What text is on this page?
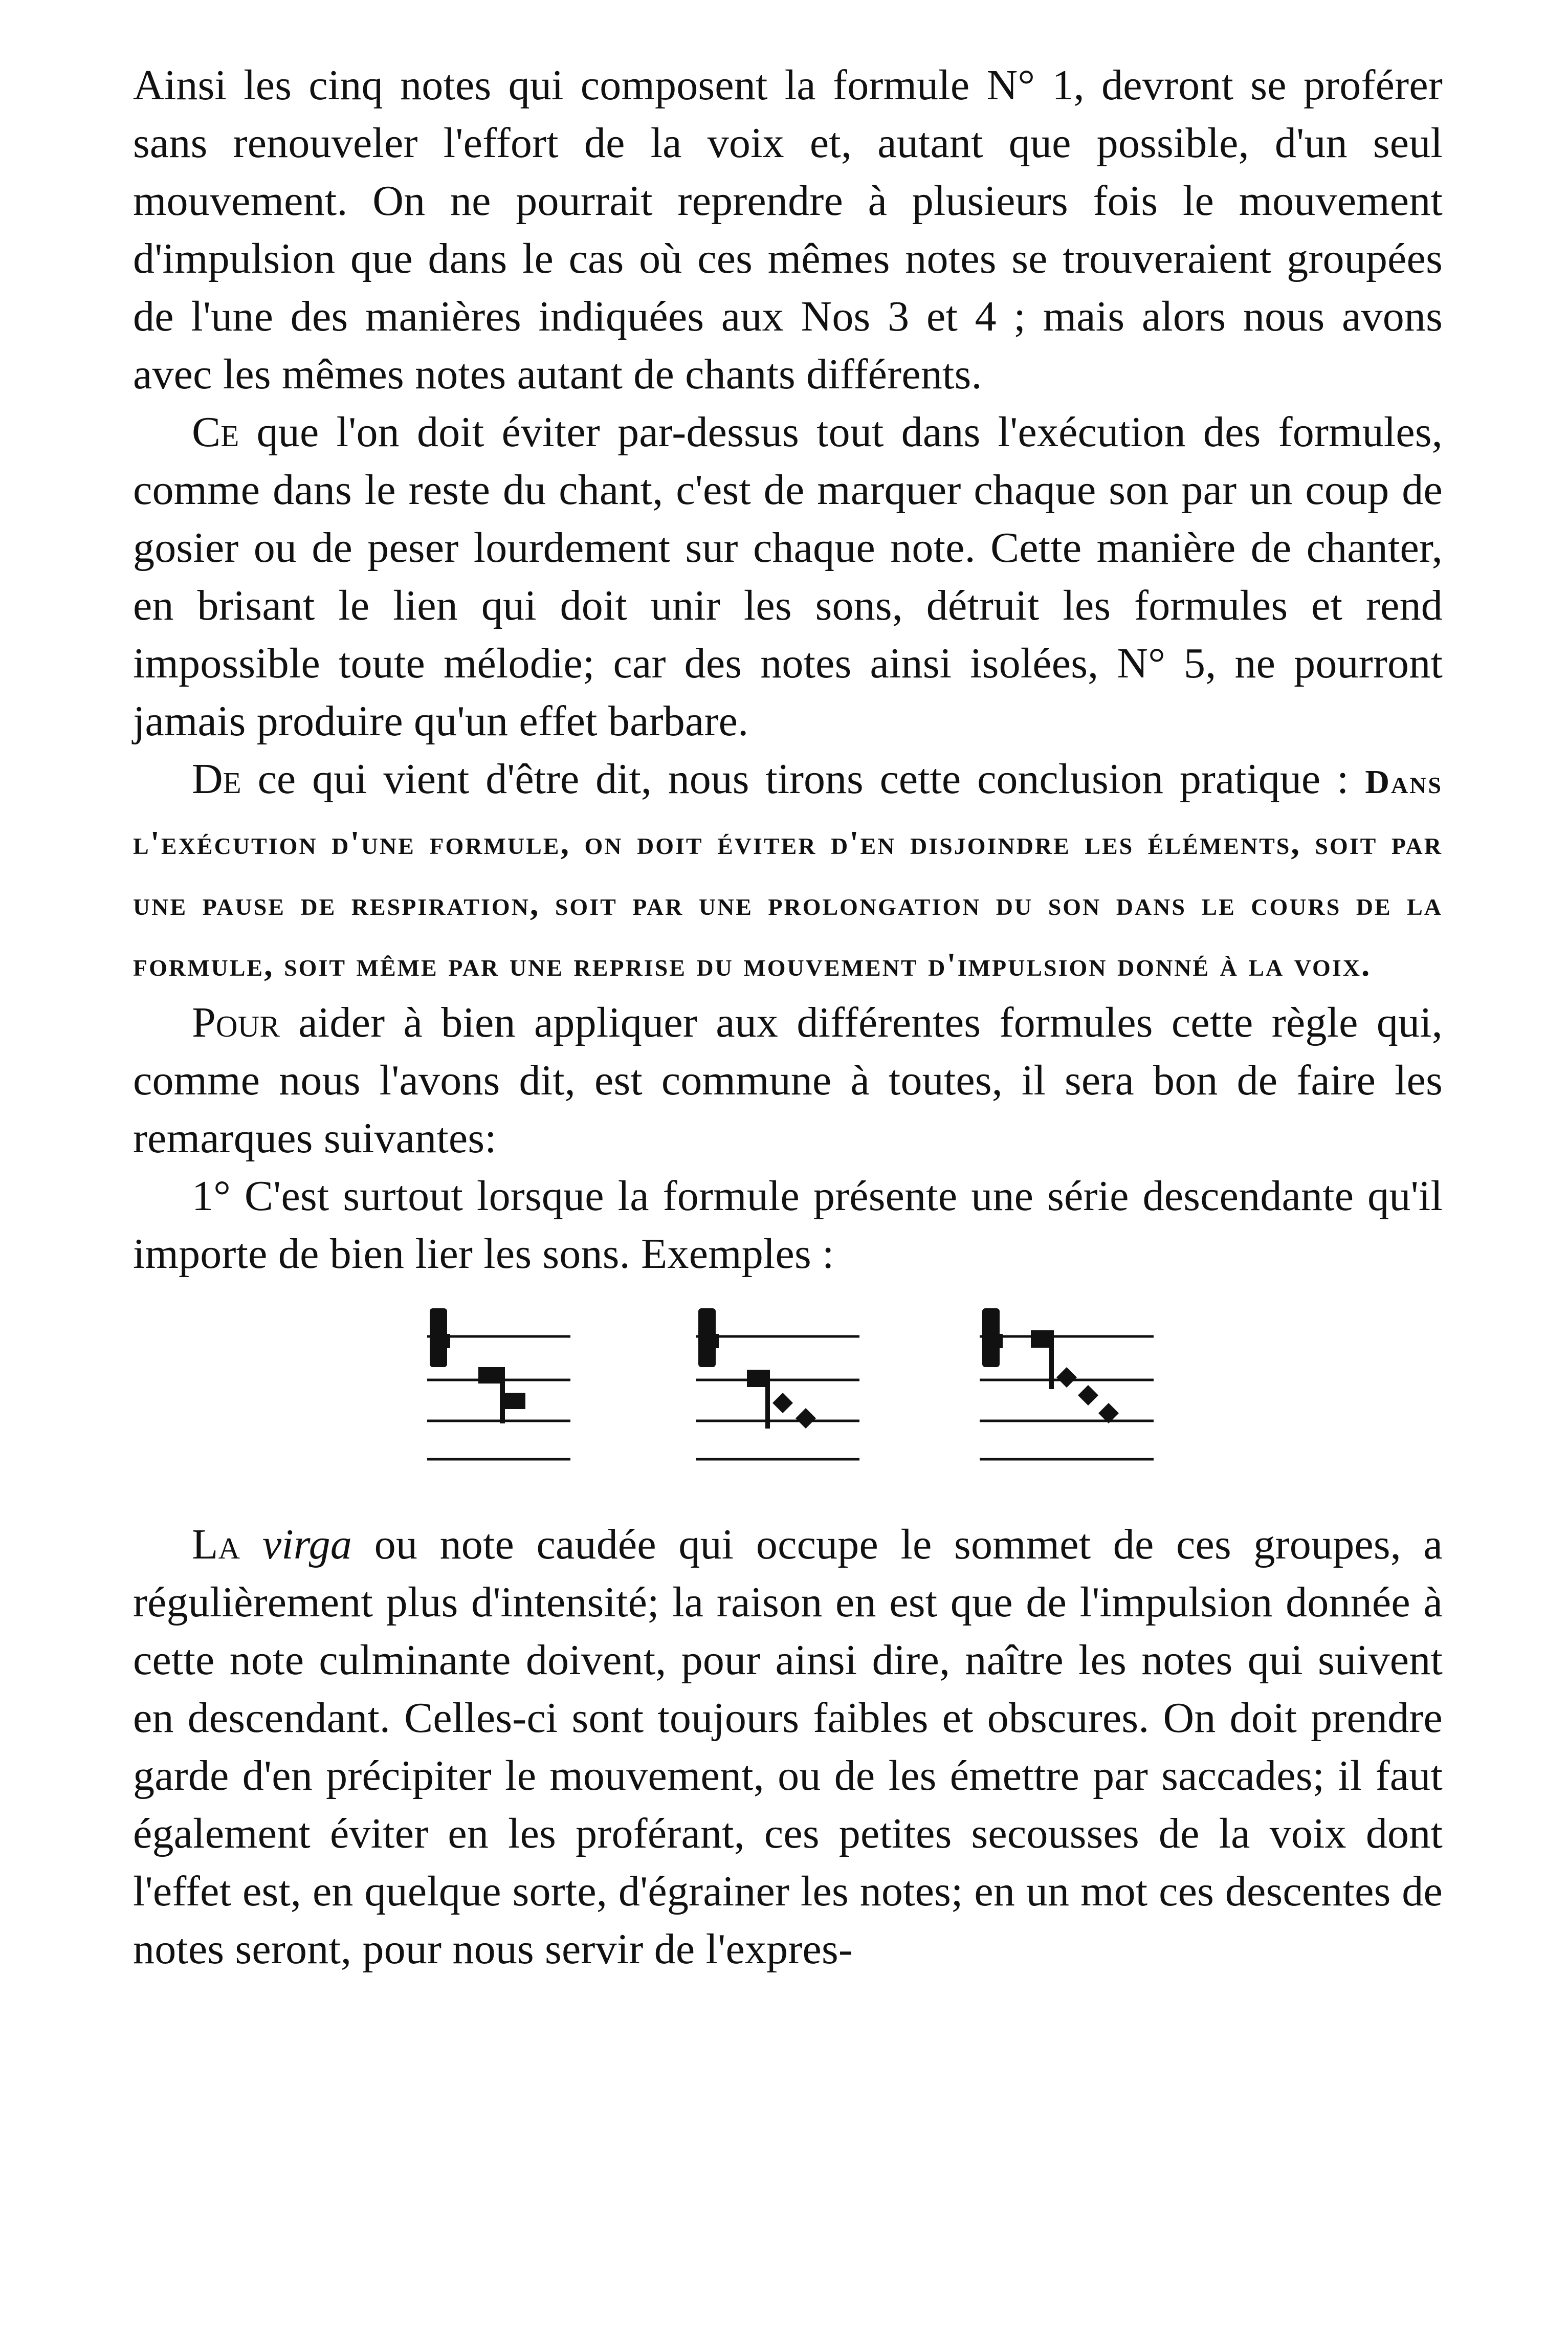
Ainsi les cinq notes qui composent la formule N° 1, devront se proférer sans renouveler l'effort de la voix et, autant que possible, d'un seul mouvement. On ne pourrait reprendre à plusieurs fois le mouvement d'impulsion que dans le cas où ces mêmes notes se trouveraient groupées de l'une des manières indiquées aux Nos 3 et 4 ; mais alors nous avons avec les mêmes notes autant de chants différents.

Ce que l'on doit éviter par-dessus tout dans l'exécution des formules, comme dans le reste du chant, c'est de marquer chaque son par un coup de gosier ou de peser lourdement sur chaque note. Cette manière de chanter, en brisant le lien qui doit unir les sons, détruit les formules et rend impossible toute mélodie; car des notes ainsi isolées, N° 5, ne pourront jamais produire qu'un effet barbare.

De ce qui vient d'être dit, nous tirons cette conclusion pratique : Dans l'exécution d'une formule, on doit éviter d'en disjoindre les éléments, soit par une pause de respiration, soit par une prolongation du son dans le cours de la formule, soit même par une reprise du mouvement d'impulsion donné à la voix.

Pour aider à bien appliquer aux différentes formules cette règle qui, comme nous l'avons dit, est commune à toutes, il sera bon de faire les remarques suivantes:

1° C'est surtout lorsque la formule présente une série descendante qu'il importe de bien lier les sons. Exemples :

La virga ou note caudée qui occupe le sommet de ces groupes, a régulièrement plus d'intensité; la raison en est que de l'impulsion donnée à cette note culminante doivent, pour ainsi dire, naître les notes qui suivent en descendant. Celles-ci sont toujours faibles et obscures. On doit prendre garde d'en précipiter le mouvement, ou de les émettre par saccades; il faut également éviter en les proférant, ces petites secousses de la voix dont l'effet est, en quelque sorte, d'égrainer les notes; en un mot ces descentes de notes seront, pour nous servir de l'expres-
